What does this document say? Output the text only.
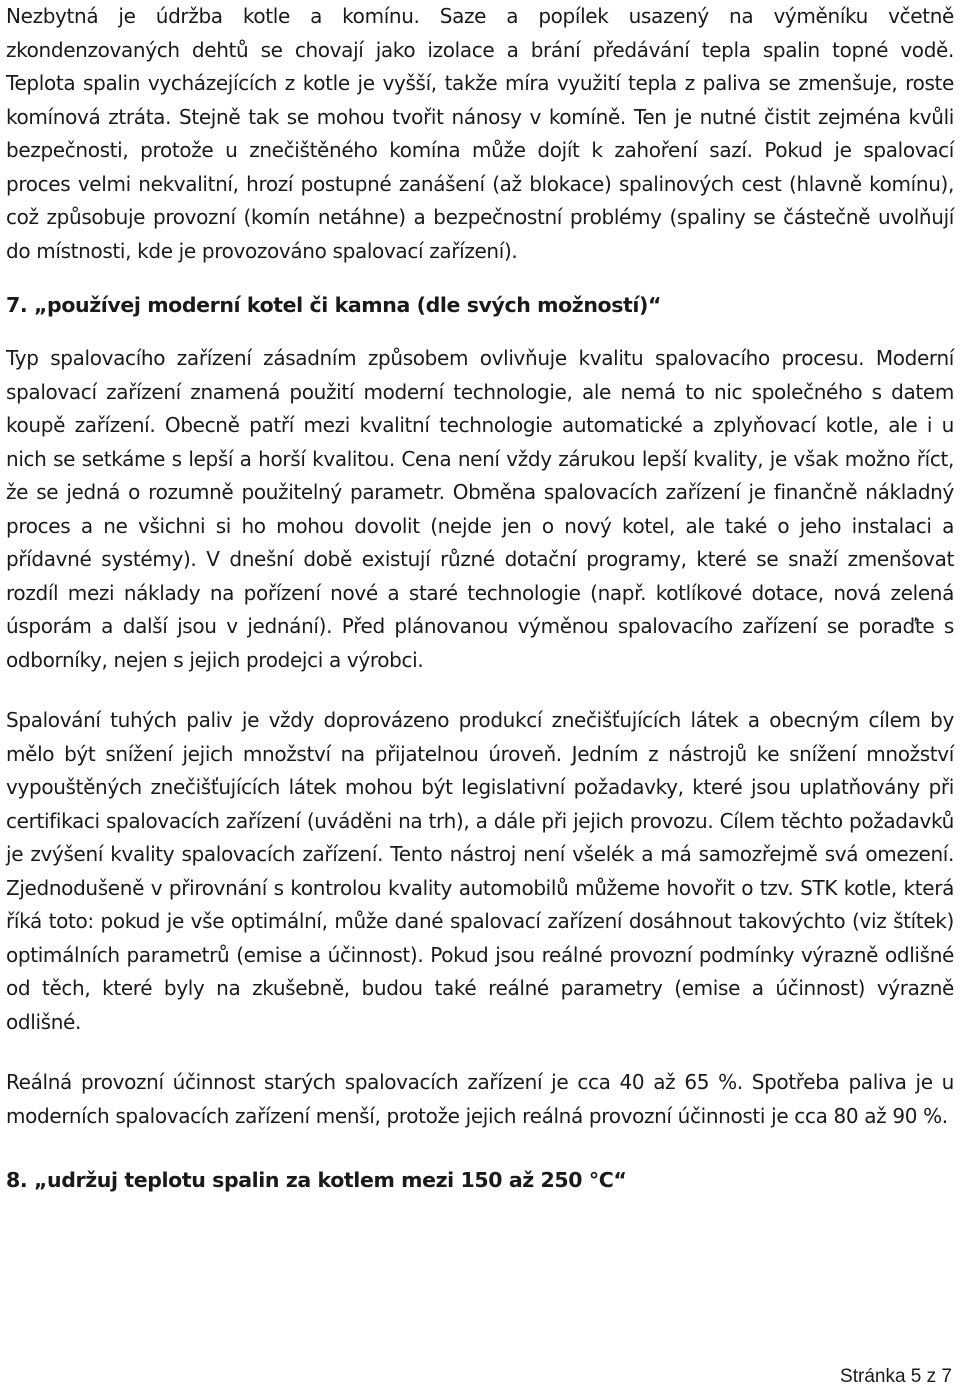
Nezbytná je údržba kotle a komínu. Saze a popílek usazený na výměníku včetně zkondenzovaných dehtů se chovají jako izolace a brání předávání tepla spalin topné vodě. Teplota spalin vycházejících z kotle je vyšší, takže míra využití tepla z paliva se zmenšuje, roste komínová ztráta. Stejně tak se mohou tvořit nánosy v komíně. Ten je nutné čistit zejména kvůli bezpečnosti, protože u znečištěného komína může dojít k zahoření sazí. Pokud je spalovací proces velmi nekvalitní, hrozí postupné zanášení (až blokace) spalinových cest (hlavně komínu), což způsobuje provozní (komín netáhne) a bezpečnostní problémy (spaliny se částečně uvolňují do místnosti, kde je provozováno spalovací zařízení).

7. „používej moderní kotel či kamna (dle svých možností)“

Typ spalovacího zařízení zásadním způsobem ovlivňuje kvalitu spalovacího procesu. Moderní spalovací zařízení znamená použití moderní technologie, ale nemá to nic společného s datem koupě zařízení. Obecně patří mezi kvalitní technologie automatické a zplyňovací kotle, ale i u nich se setkáme s lepší a horší kvalitou. Cena není vždy zárukou lepší kvality, je však možno říct, že se jedná o rozumně použitelný parametr. Obměna spalovacích zařízení je finančně nákladný proces a ne všichni si ho mohou dovolit (nejde jen o nový kotel, ale také o jeho instalaci a přídavné systémy). V dnešní době existují různé dotační programy, které se snaží zmenšovat rozdíl mezi náklady na pořízení nové a staré technologie (např. kotlíkové dotace, nová zelená úsporám a další jsou v jednání). Před plánovanou výměnou spalovacího zařízení se poraďte s odborníky, nejen s jejich prodejci a výrobci.

Spalování tuhých paliv je vždy doprovázeno produkcí znečišťujících látek a obecným cílem by mělo být snížení jejich množství na přijatelnou úroveň. Jedním z nástrojů ke snížení množství vypouštěných znečišťujících látek mohou být legislativní požadavky, které jsou uplatňovány při certifikaci spalovacích zařízení (uváděni na trh), a dále při jejich provozu. Cílem těchto požadavků je zvýšení kvality spalovacích zařízení. Tento nástroj není všelék a má samozřejmě svá omezení. Zjednodušeně v přirovnání s kontrolou kvality automobilů můžeme hovořit o tzv. STK kotle, která říká toto: pokud je vše optimální, může dané spalovací zařízení dosáhnout takovýchto (viz štítek) optimálních parametrů (emise a účinnost). Pokud jsou reálné provozní podmínky výrazně odlišné od těch, které byly na zkušebně, budou také reálné parametry (emise a účinnost) výrazně odlišné.

Reálná provozní účinnost starých spalovacích zařízení je cca 40 až 65 %. Spotřeba paliva je u moderních spalovacích zařízení menší, protože jejich reálná provozní účinnosti je cca 80 až 90 %.

8. „udržuj teplotu spalin za kotlem mezi 150 až 250 °C“

Stránka 5 z 7
